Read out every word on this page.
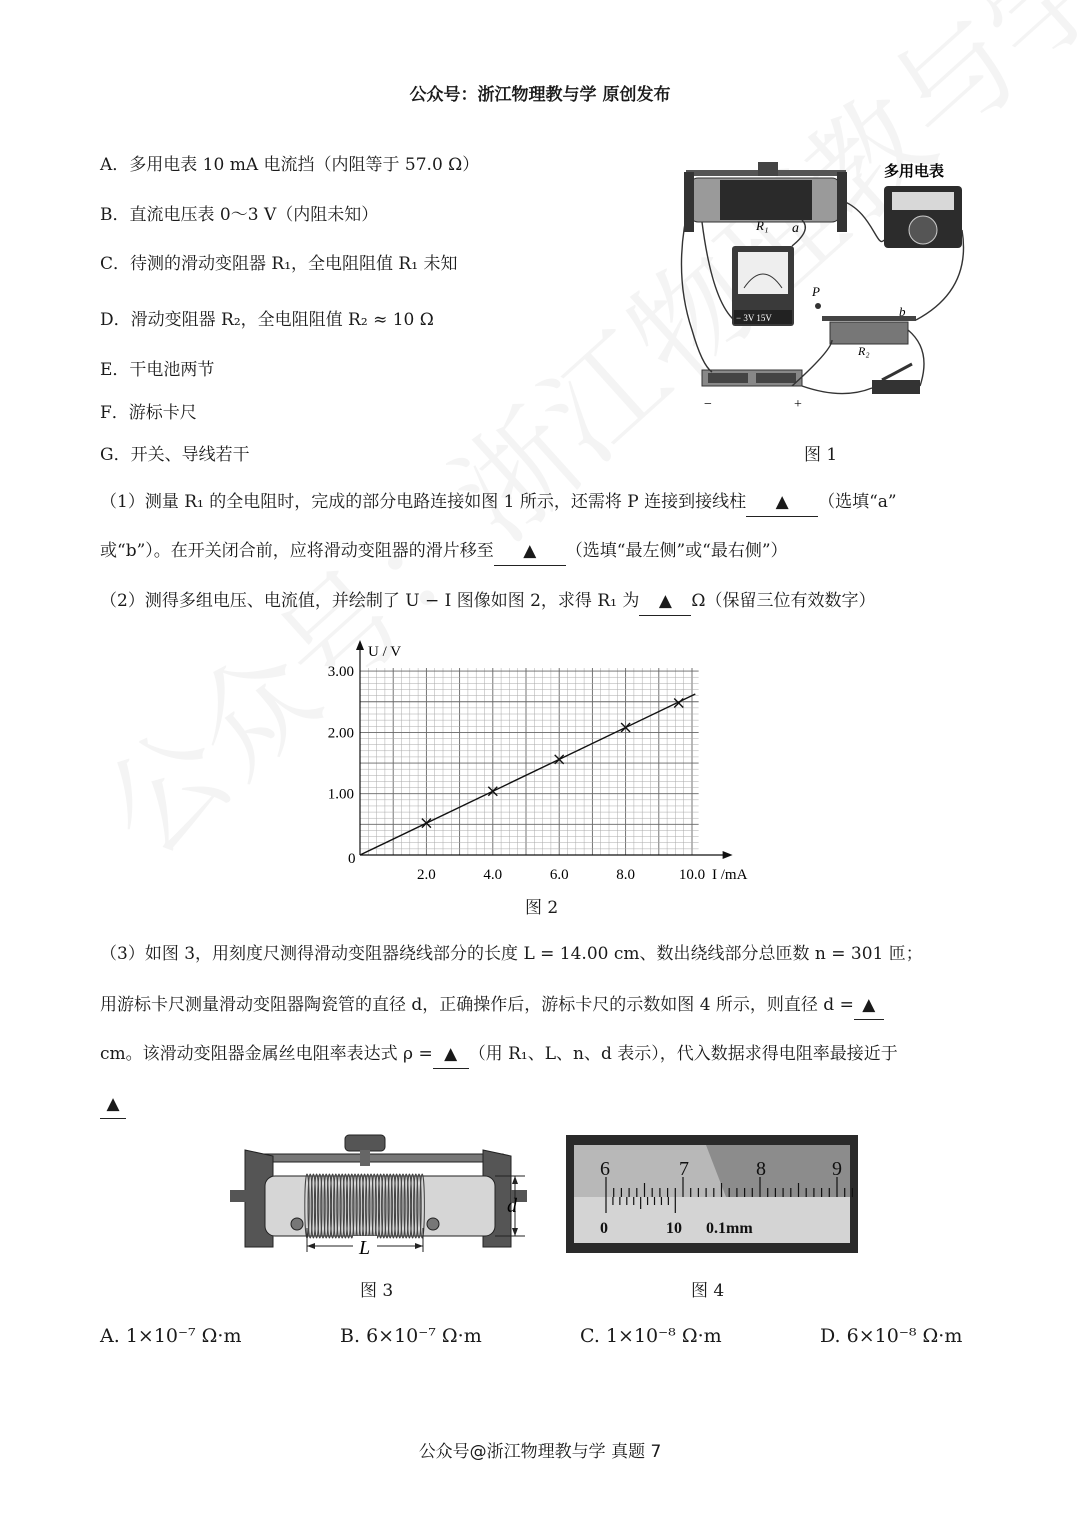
公众号：浙江物理教与学 原创发布
A．多用电表 10 mA 电流挡（内阻等于 57.0 Ω）
B．直流电压表 0～3 V（内阻未知）
C．待测的滑动变阻器 R₁，全电阻阻值 R₁ 未知
D．滑动变阻器 R₂，全电阻阻值 R₂ ≈ 10 Ω
E．干电池两节
F．游标卡尺
G．开关、导线若干
R₁ a
多用电表
− 3V 15V
P
R₂
b
−	+
图 1
（1）测量 R₁ 的全电阻时，完成的部分电路连接如图 1 所示，还需将 P 连接到接线柱 ▲ （选填“a”
或“b”）。在开关闭合前，应将滑动变阻器的滑片移至 ▲ （选填“最左侧”或“最右侧”）
（2）测得多组电压、电流值，并绘制了 U − I 图像如图 2，求得 R₁ 为 ▲ Ω（保留三位有效数字）
U / V
I /mA
0
2.0	4.0	6.0	8.0	10.0
1.00
2.00
3.00
图 2
（3）如图 3，用刻度尺测得滑动变阻器绕线部分的长度 L = 14.00 cm、数出绕线部分总匝数 n = 301 匝；
用游标卡尺测量滑动变阻器陶瓷管的直径 d，正确操作后，游标卡尺的示数如图 4 所示，则直径 d = ▲
cm。该滑动变阻器金属丝电阻率表达式 ρ = ▲ （用 R₁、L、n、d 表示），代入数据求得电阻率最接近于
▲
d
L
图 3
6	7	8	9
0	10 0.1mm
图 4
A. 1×10⁻⁷ Ω·m	B. 6×10⁻⁷ Ω·m	C. 1×10⁻⁸ Ω·m	D. 6×10⁻⁸ Ω·m
公众号@浙江物理教与学 真题 7
